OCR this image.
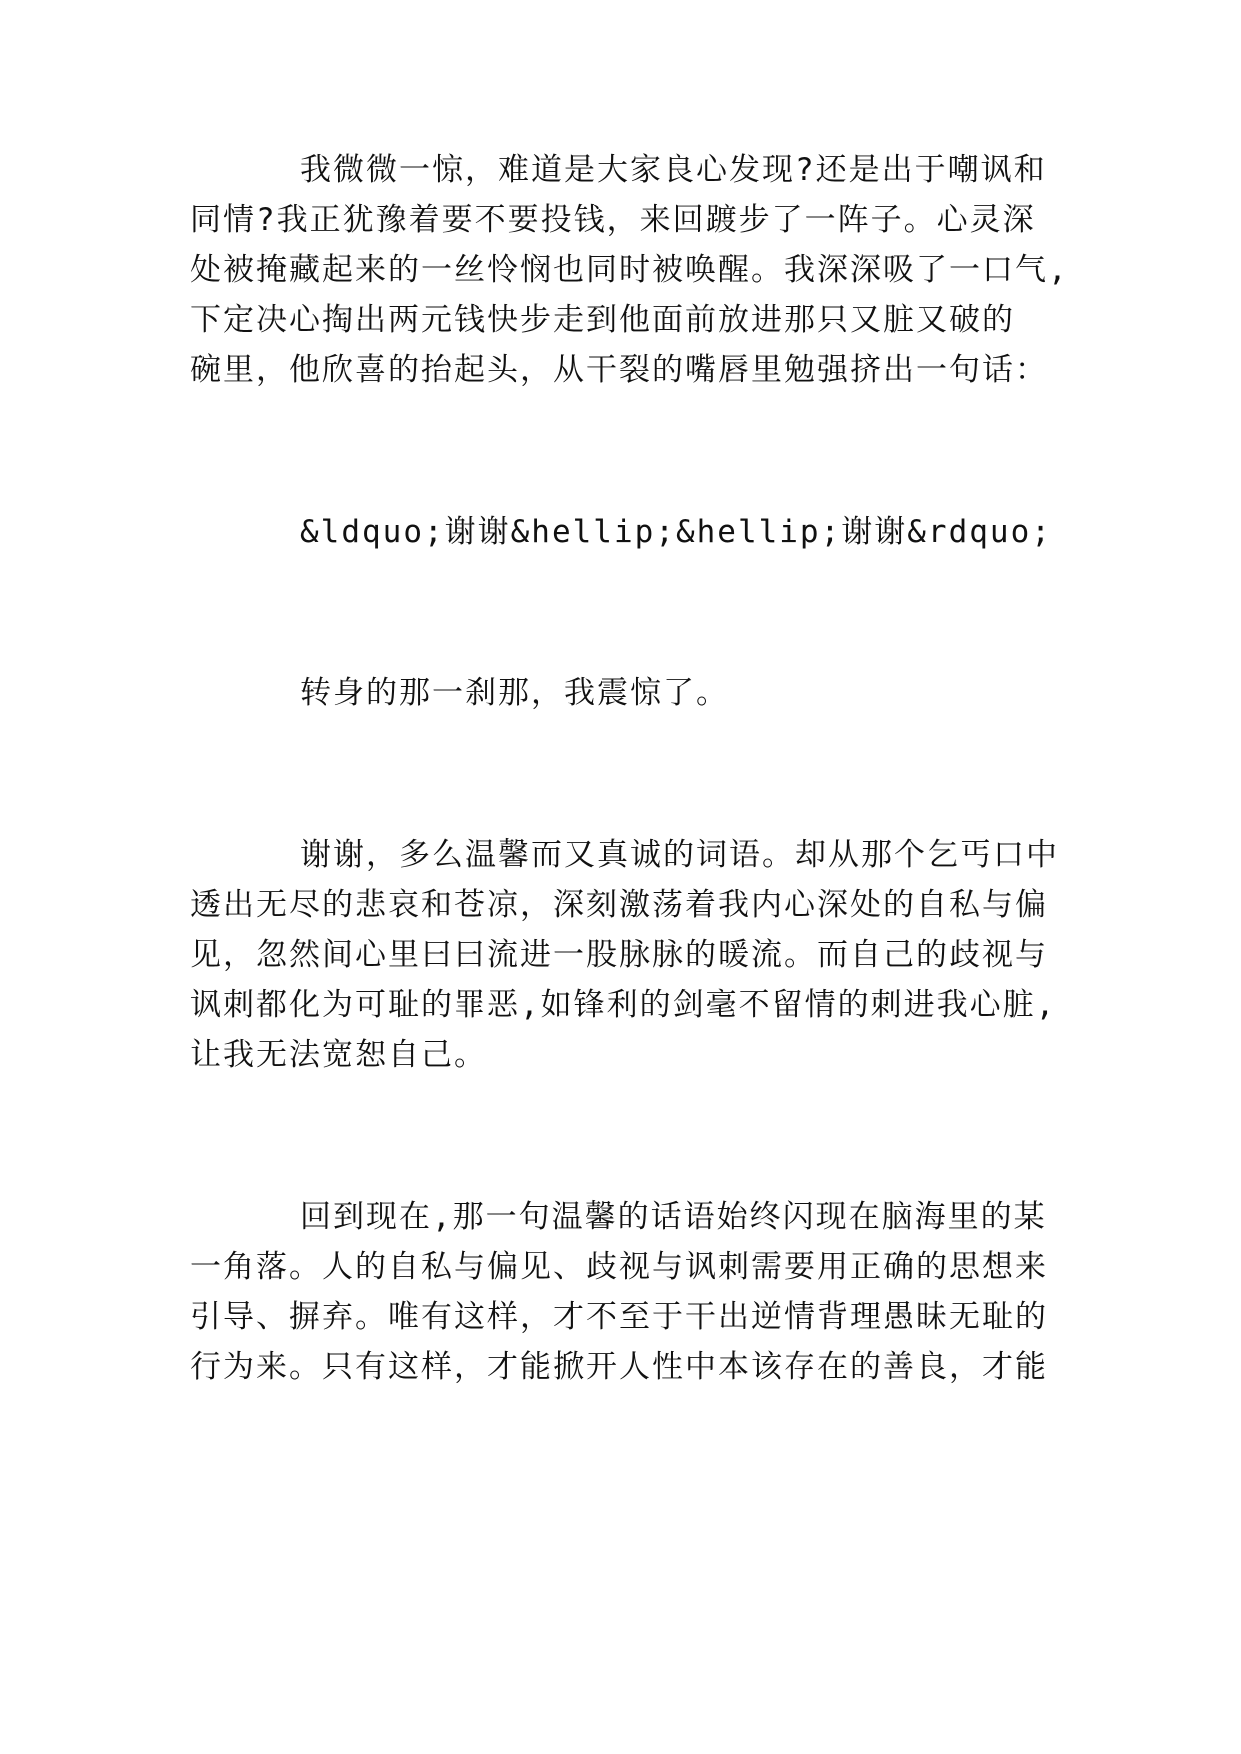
我微微一惊，难道是大家良心发现?还是出于嘲讽和
同情?我正犹豫着要不要投钱，来回踱步了一阵子。心灵深
处被掩藏起来的一丝怜悯也同时被唤醒。我深深吸了一口气,
下定决心掏出两元钱快步走到他面前放进那只又脏又破的
碗里，他欣喜的抬起头，从干裂的嘴唇里勉强挤出一句话：
&ldquo;谢谢&hellip;&hellip;谢谢&rdquo;
转身的那一刹那，我震惊了。
谢谢，多么温馨而又真诚的词语。却从那个乞丐口中
透出无尽的悲哀和苍凉，深刻激荡着我内心深处的自私与偏
见，忽然间心里曰曰流进一股脉脉的暖流。而自己的歧视与
讽刺都化为可耻的罪恶,如锋利的剑毫不留情的刺进我心脏,
让我无法宽恕自己。
回到现在,那一句温馨的话语始终闪现在脑海里的某
一角落。人的自私与偏见、歧视与讽刺需要用正确的思想来
引导、摒弃。唯有这样，才不至于干出逆情背理愚昧无耻的
行为来。只有这样，才能掀开人性中本该存在的善良，才能
